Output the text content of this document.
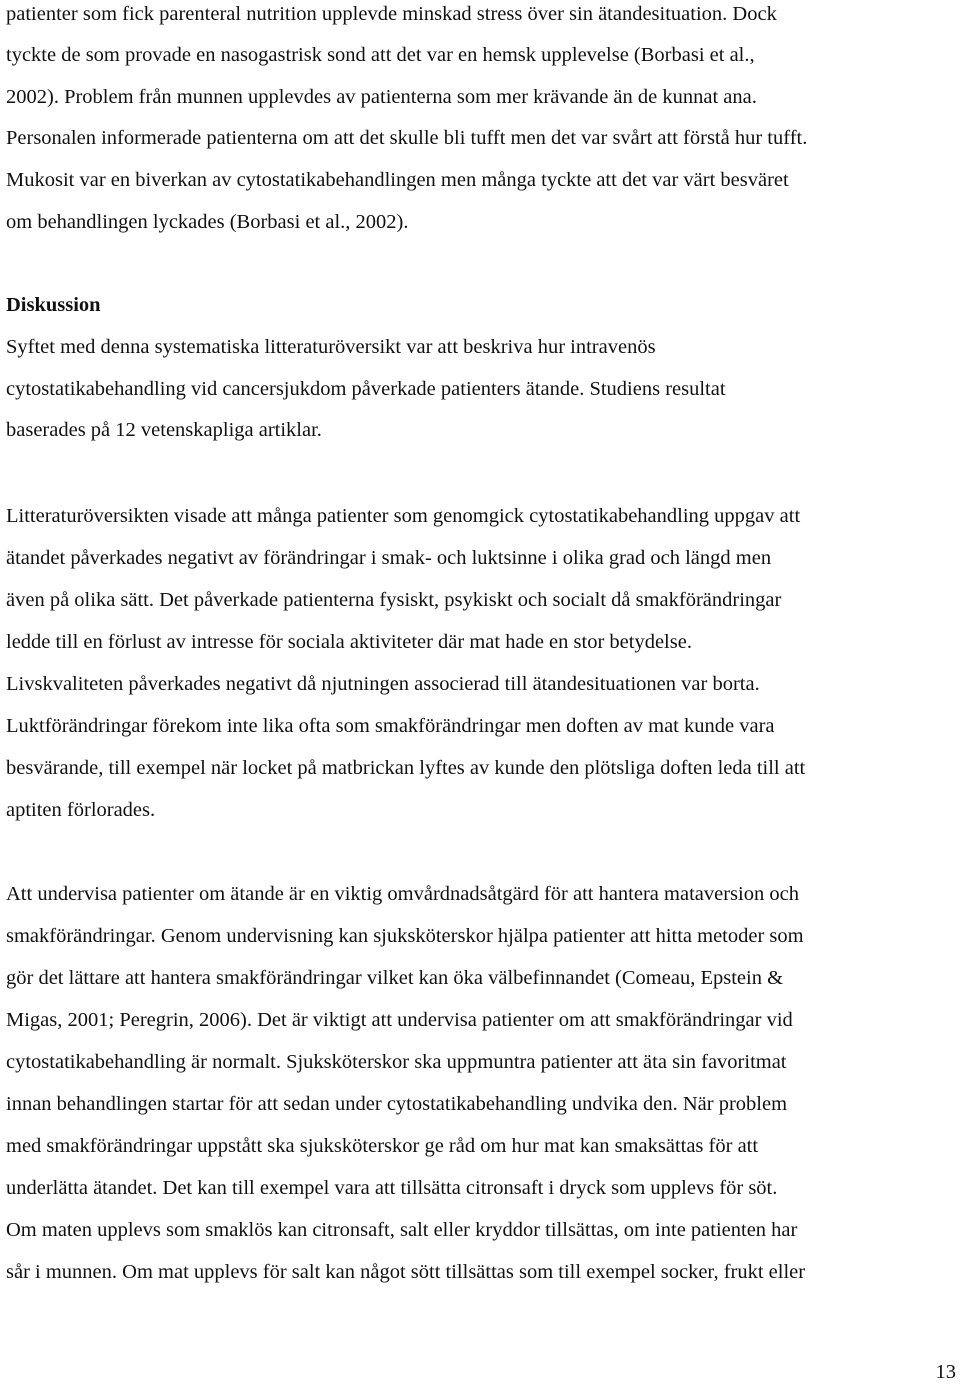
patienter som fick parenteral nutrition upplevde minskad stress över sin ätandesituation. Dock
tyckte de som provade en nasogastrisk sond att det var en hemsk upplevelse (Borbasi et al.,
2002). Problem från munnen upplevdes av patienterna som mer krävande än de kunnat ana.
Personalen informerade patienterna om att det skulle bli tufft men det var svårt att förstå hur tufft.
Mukosit var en biverkan av cytostatikabehandlingen men många tyckte att det var värt besväret
om behandlingen lyckades (Borbasi et al., 2002).
Diskussion
Syftet med denna systematiska litteraturöversikt var att beskriva hur intravenös
cytostatikabehandling vid cancersjukdom påverkade patienters ätande. Studiens resultat
baserades på 12 vetenskapliga artiklar.
Litteraturöversikten visade att många patienter som genomgick cytostatikabehandling uppgav att
ätandet påverkades negativt av förändringar i smak- och luktsinne i olika grad och längd men
även på olika sätt. Det påverkade patienterna fysiskt, psykiskt och socialt då smakförändringar
ledde till en förlust av intresse för sociala aktiviteter där mat hade en stor betydelse.
Livskvaliteten påverkades negativt då njutningen associerad till ätandesituationen var borta.
Luktförändringar förekom inte lika ofta som smakförändringar men doften av mat kunde vara
besvärande, till exempel när locket på matbrickan lyftes av kunde den plötsliga doften leda till att
aptiten förlorades.
Att undervisa patienter om ätande är en viktig omvårdnadsåtgärd för att hantera mataversion och
smakförändringar. Genom undervisning kan sjuksköterskor hjälpa patienter att hitta metoder som
gör det lättare att hantera smakförändringar vilket kan öka välbefinnandet (Comeau, Epstein &
Migas, 2001; Peregrin, 2006). Det är viktigt att undervisa patienter om att smakförändringar vid
cytostatikabehandling är normalt. Sjuksköterskor ska uppmuntra patienter att äta sin favoritmat
innan behandlingen startar för att sedan under cytostatikabehandling undvika den. När problem
med smakförändringar uppstått ska sjuksköterskor ge råd om hur mat kan smaksättas för att
underlätta ätandet. Det kan till exempel vara att tillsätta citronsaft i dryck som upplevs för söt.
Om maten upplevs som smaklös kan citronsaft, salt eller kryddor tillsättas, om inte patienten har
sår i munnen. Om mat upplevs för salt kan något sött tillsättas som till exempel socker, frukt eller
13
